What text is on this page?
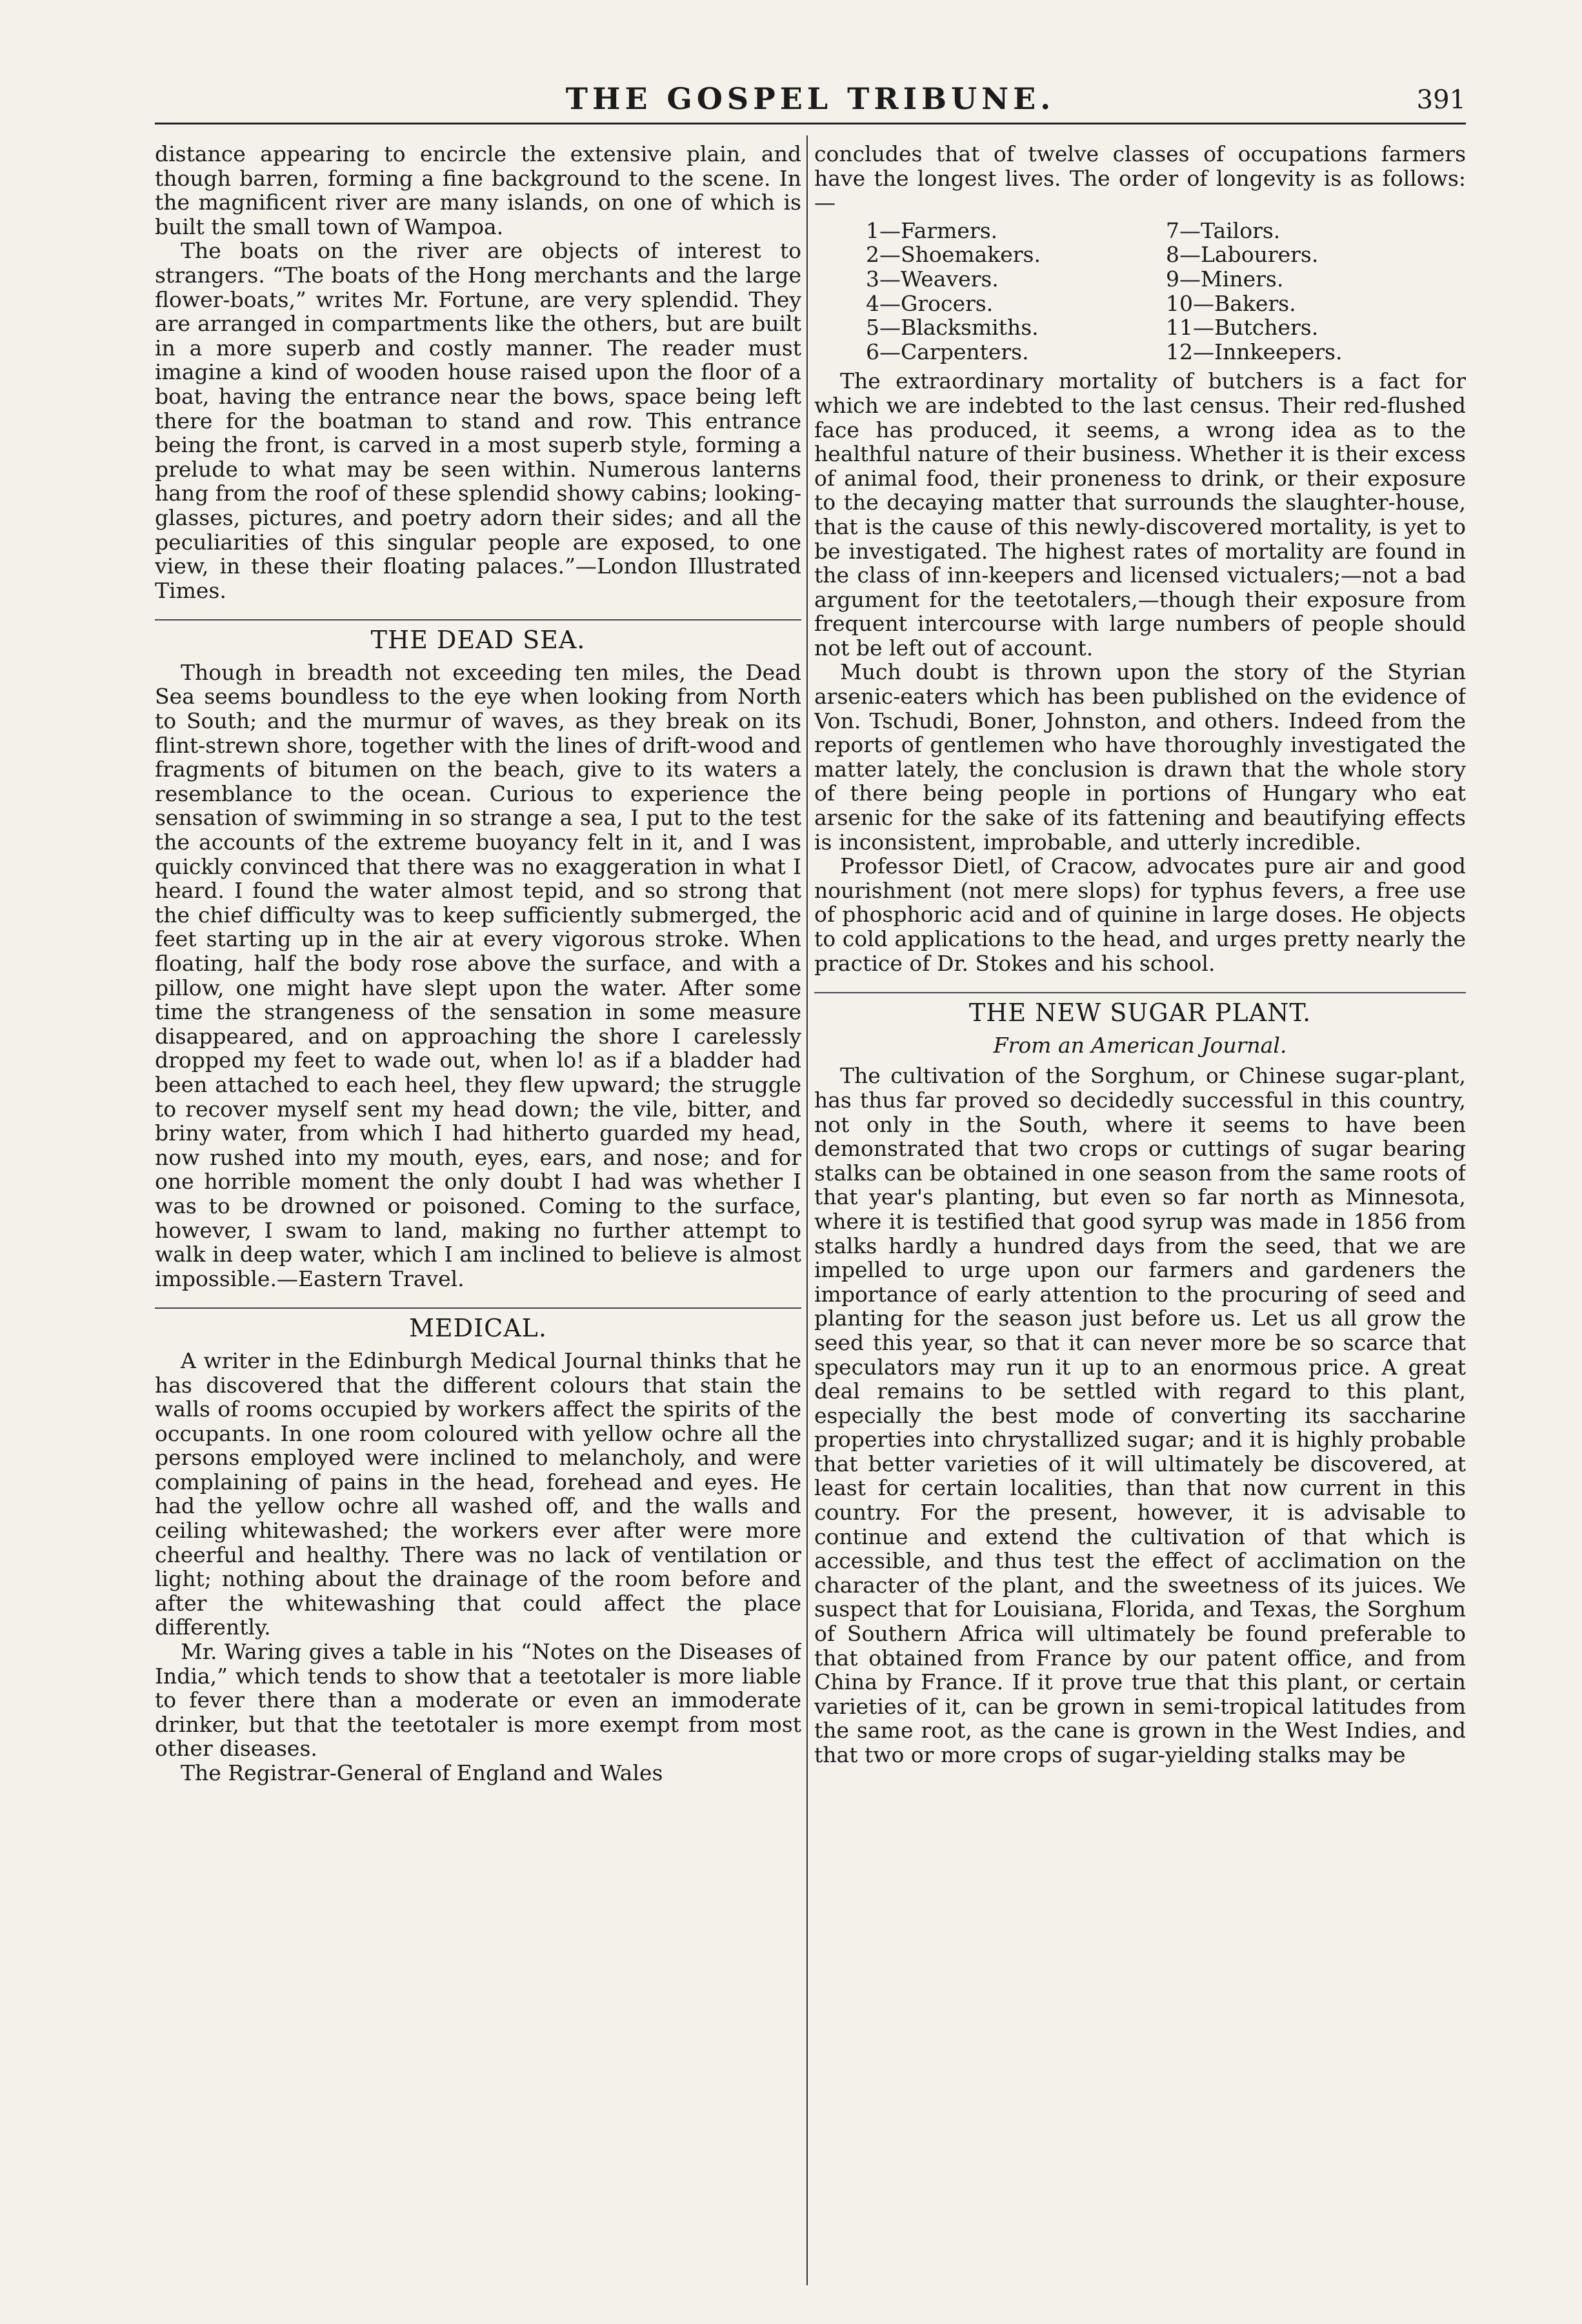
THE GOSPEL TRIBUNE.	391

distance appearing to encircle the extensive plain, and though barren, forming a fine background to the scene. In the magnificent river are many islands, on one of which is built the small town of Wampoa.

The boats on the river are objects of interest to strangers. “The boats of the Hong merchants and the large flower-boats,” writes Mr. Fortune, are very splendid. They are arranged in compartments like the others, but are built in a more superb and costly manner. The reader must imagine a kind of wooden house raised upon the floor of a boat, having the entrance near the bows, space being left there for the boatman to stand and row. This entrance being the front, is carved in a most superb style, forming a prelude to what may be seen within. Numerous lanterns hang from the roof of these splendid showy cabins; looking-glasses, pictures, and poetry adorn their sides; and all the peculiarities of this singular people are exposed, to one view, in these their floating palaces.”—London Illustrated Times.

THE DEAD SEA.

Though in breadth not exceeding ten miles, the Dead Sea seems boundless to the eye when looking from North to South; and the murmur of waves, as they break on its flint-strewn shore, together with the lines of drift-wood and fragments of bitumen on the beach, give to its waters a resemblance to the ocean. Curious to experience the sensation of swimming in so strange a sea, I put to the test the accounts of the extreme buoyancy felt in it, and I was quickly convinced that there was no exaggeration in what I heard. I found the water almost tepid, and so strong that the chief difficulty was to keep sufficiently submerged, the feet starting up in the air at every vigorous stroke. When floating, half the body rose above the surface, and with a pillow, one might have slept upon the water. After some time the strangeness of the sensation in some measure disappeared, and on approaching the shore I carelessly dropped my feet to wade out, when lo! as if a bladder had been attached to each heel, they flew upward; the struggle to recover myself sent my head down; the vile, bitter, and briny water, from which I had hitherto guarded my head, now rushed into my mouth, eyes, ears, and nose; and for one horrible moment the only doubt I had was whether I was to be drowned or poisoned. Coming to the surface, however, I swam to land, making no further attempt to walk in deep water, which I am inclined to believe is almost impossible.—Eastern Travel.

MEDICAL.

A writer in the Edinburgh Medical Journal thinks that he has discovered that the different colours that stain the walls of rooms occupied by workers affect the spirits of the occupants. In one room coloured with yellow ochre all the persons employed were inclined to melancholy, and were complaining of pains in the head, forehead and eyes. He had the yellow ochre all washed off, and the walls and ceiling whitewashed; the workers ever after were more cheerful and healthy. There was no lack of ventilation or light; nothing about the drainage of the room before and after the whitewashing that could affect the place differently.

Mr. Waring gives a table in his “Notes on the Diseases of India,” which tends to show that a teetotaler is more liable to fever there than a moderate or even an immoderate drinker, but that the teetotaler is more exempt from most other diseases.

The Registrar-General of England and Wales

concludes that of twelve classes of occupations farmers have the longest lives. The order of longevity is as follows:—

1—Farmers.	7—Tailors.
2—Shoemakers.	8—Labourers.
3—Weavers.	9—Miners.
4—Grocers.	10—Bakers.
5—Blacksmiths.	11—Butchers.
6—Carpenters.	12—Innkeepers.

The extraordinary mortality of butchers is a fact for which we are indebted to the last census. Their red-flushed face has produced, it seems, a wrong idea as to the healthful nature of their business. Whether it is their excess of animal food, their proneness to drink, or their exposure to the decaying matter that surrounds the slaughter-house, that is the cause of this newly-discovered mortality, is yet to be investigated. The highest rates of mortality are found in the class of inn-keepers and licensed victualers;—not a bad argument for the teetotalers,—though their exposure from frequent intercourse with large numbers of people should not be left out of account.

Much doubt is thrown upon the story of the Styrian arsenic-eaters which has been published on the evidence of Von. Tschudi, Boner, Johnston, and others. Indeed from the reports of gentlemen who have thoroughly investigated the matter lately, the conclusion is drawn that the whole story of there being people in portions of Hungary who eat arsenic for the sake of its fattening and beautifying effects is inconsistent, improbable, and utterly incredible.

Professor Dietl, of Cracow, advocates pure air and good nourishment (not mere slops) for typhus fevers, a free use of phosphoric acid and of quinine in large doses. He objects to cold applications to the head, and urges pretty nearly the practice of Dr. Stokes and his school.

THE NEW SUGAR PLANT.
From an American Journal.

The cultivation of the Sorghum, or Chinese sugar-plant, has thus far proved so decidedly successful in this country, not only in the South, where it seems to have been demonstrated that two crops or cuttings of sugar bearing stalks can be obtained in one season from the same roots of that year's planting, but even so far north as Minnesota, where it is testified that good syrup was made in 1856 from stalks hardly a hundred days from the seed, that we are impelled to urge upon our farmers and gardeners the importance of early attention to the procuring of seed and planting for the season just before us. Let us all grow the seed this year, so that it can never more be so scarce that speculators may run it up to an enormous price. A great deal remains to be settled with regard to this plant, especially the best mode of converting its saccharine properties into chrystallized sugar; and it is highly probable that better varieties of it will ultimately be discovered, at least for certain localities, than that now current in this country. For the present, however, it is advisable to continue and extend the cultivation of that which is accessible, and thus test the effect of acclimation on the character of the plant, and the sweetness of its juices. We suspect that for Louisiana, Florida, and Texas, the Sorghum of Southern Africa will ultimately be found preferable to that obtained from France by our patent office, and from China by France. If it prove true that this plant, or certain varieties of it, can be grown in semi-tropical latitudes from the same root, as the cane is grown in the West Indies, and that two or more crops of sugar-yielding stalks may be
